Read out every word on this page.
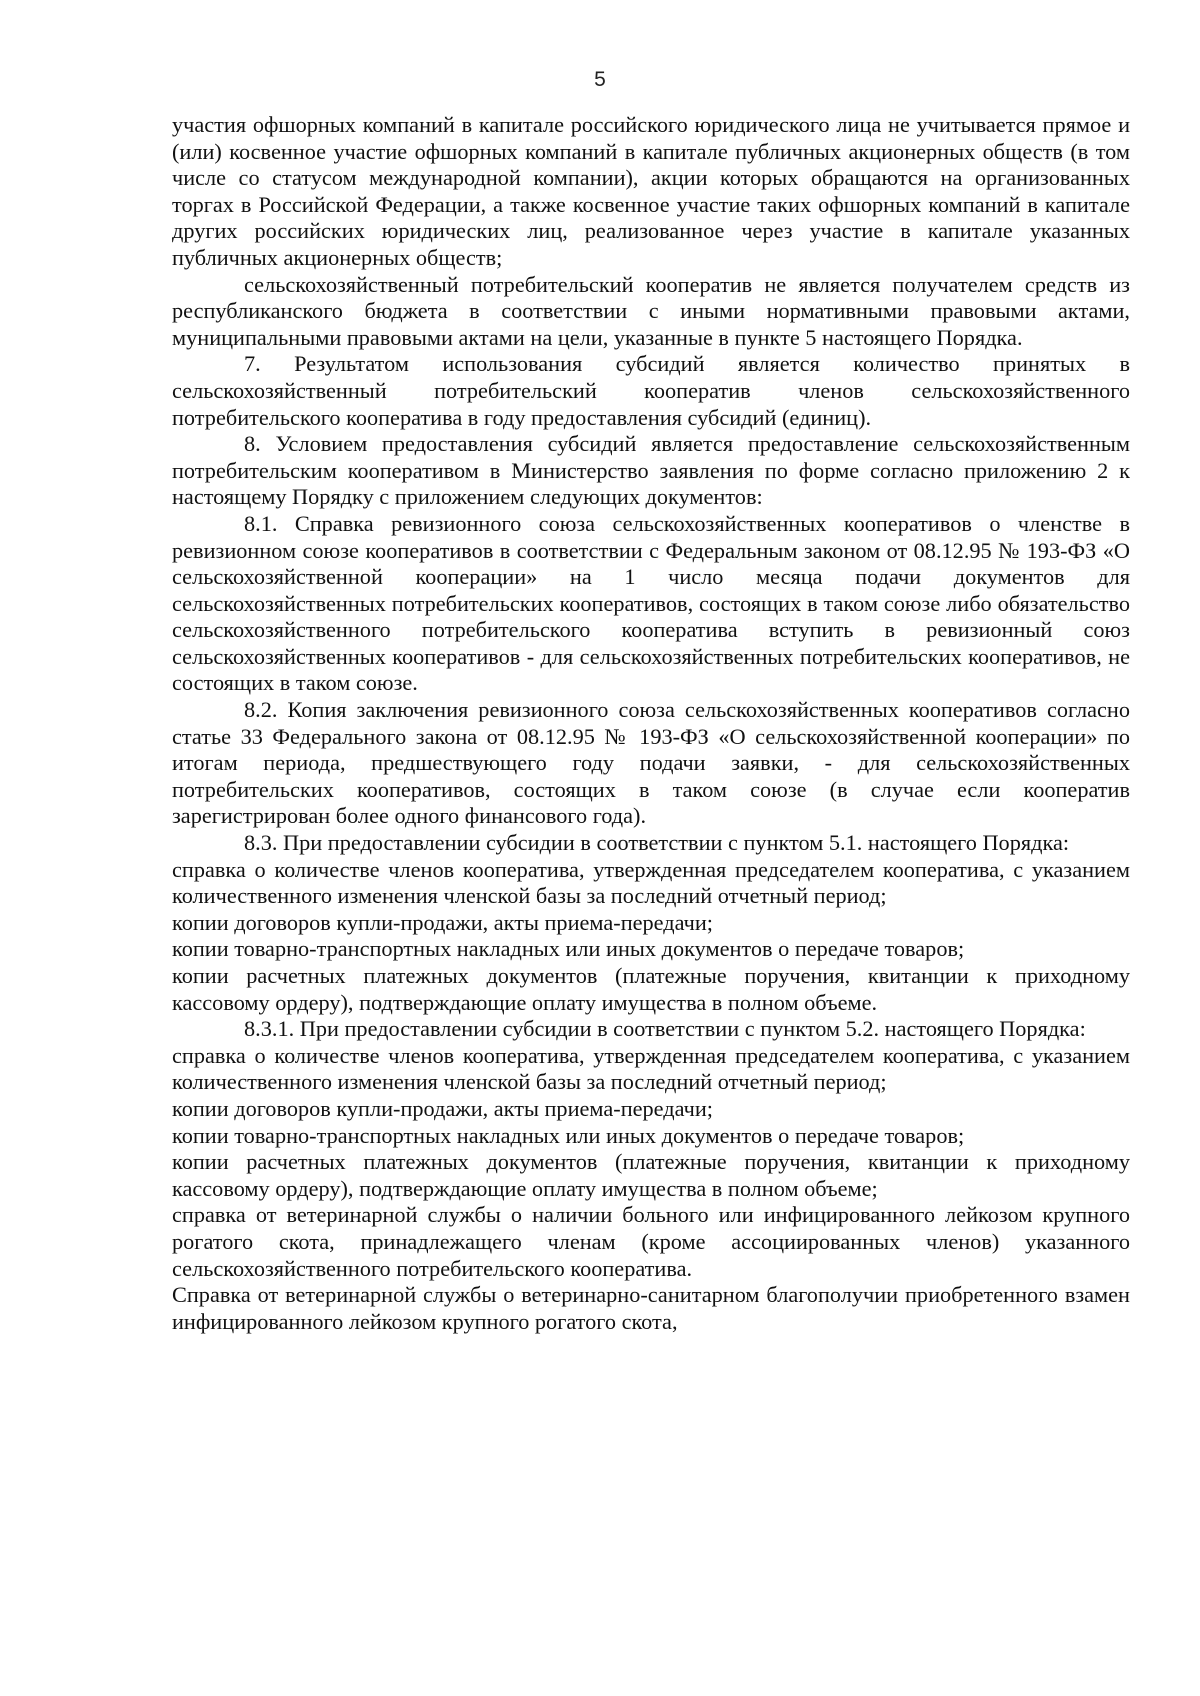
5

участия офшорных компаний в капитале российского юридического лица не учитывается прямое и (или) косвенное участие офшорных компаний в капитале публичных акционерных обществ (в том числе со статусом международной компании), акции которых обращаются на организованных торгах в Российской Федерации, а также косвенное участие таких офшорных компаний в капитале других российских юридических лиц, реализованное через участие в капитале указанных публичных акционерных обществ;

сельскохозяйственный потребительский кооператив не является получателем средств из республиканского бюджета в соответствии с иными нормативными правовыми актами, муниципальными правовыми актами на цели, указанные в пункте 5 настоящего Порядка.

7. Результатом использования субсидий является количество принятых в сельскохозяйственный потребительский кооператив членов сельскохозяйственного потребительского кооператива в году предоставления субсидий (единиц).

8. Условием предоставления субсидий является предоставление сельскохозяйственным потребительским кооперативом в Министерство заявления по форме согласно приложению 2 к настоящему Порядку с приложением следующих документов:

8.1. Справка ревизионного союза сельскохозяйственных кооперативов о членстве в ревизионном союзе кооперативов в соответствии с Федеральным законом от 08.12.95 № 193-ФЗ «О сельскохозяйственной кооперации» на 1 число месяца подачи документов для сельскохозяйственных потребительских кооперативов, состоящих в таком союзе либо обязательство сельскохозяйственного потребительского кооператива вступить в ревизионный союз сельскохозяйственных кооперативов - для сельскохозяйственных потребительских кооперативов, не состоящих в таком союзе.

8.2. Копия заключения ревизионного союза сельскохозяйственных кооперативов согласно статье 33 Федерального закона от 08.12.95 № 193-ФЗ «О сельскохозяйственной кооперации» по итогам периода, предшествующего году подачи заявки, - для сельскохозяйственных потребительских кооперативов, состоящих в таком союзе (в случае если кооператив зарегистрирован более одного финансового года).

8.3. При предоставлении субсидии в соответствии с пунктом 5.1. настоящего Порядка:

справка о количестве членов кооператива, утвержденная председателем кооператива, с указанием количественного изменения членской базы за последний отчетный период;

копии договоров купли-продажи, акты приема-передачи;

копии товарно-транспортных накладных или иных документов о передаче товаров;

копии расчетных платежных документов (платежные поручения, квитанции к приходному кассовому ордеру), подтверждающие оплату имущества в полном объеме.

8.3.1. При предоставлении субсидии в соответствии с пунктом 5.2. настоящего Порядка:

справка о количестве членов кооператива, утвержденная председателем кооператива, с указанием количественного изменения членской базы за последний отчетный период;

копии договоров купли-продажи, акты приема-передачи;

копии товарно-транспортных накладных или иных документов о передаче товаров;

копии расчетных платежных документов (платежные поручения, квитанции к приходному кассовому ордеру), подтверждающие оплату имущества в полном объеме;

справка от ветеринарной службы о наличии больного или инфицированного лейкозом крупного рогатого скота, принадлежащего членам (кроме ассоциированных членов) указанного сельскохозяйственного потребительского кооператива.

Справка от ветеринарной службы о ветеринарно-санитарном благополучии приобретенного взамен инфицированного лейкозом крупного рогатого скота,
